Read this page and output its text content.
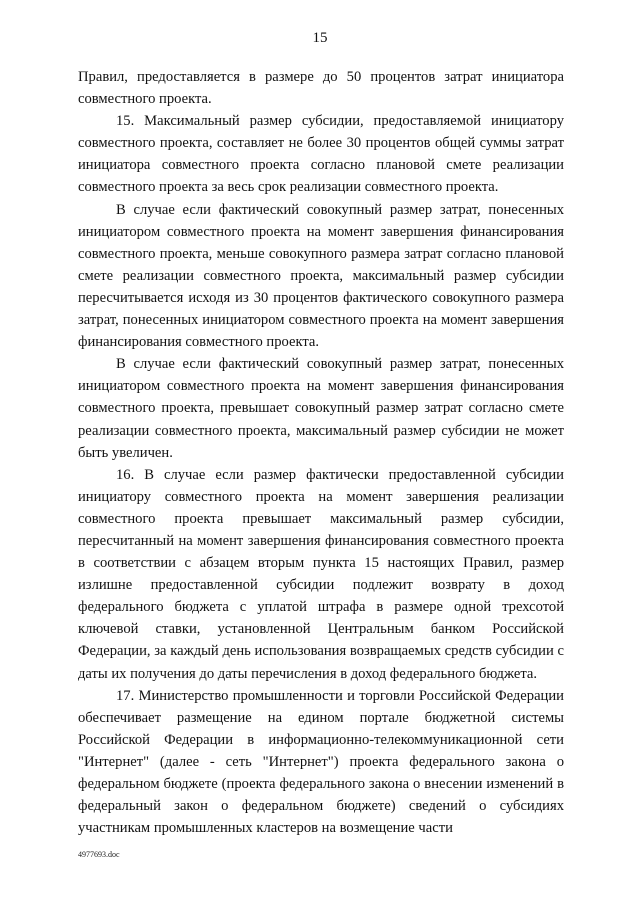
15

Правил, предоставляется в размере до 50 процентов затрат инициатора совместного проекта.

15. Максимальный размер субсидии, предоставляемой инициатору совместного проекта, составляет не более 30 процентов общей суммы затрат инициатора совместного проекта согласно плановой смете реализации совместного проекта за весь срок реализации совместного проекта.

В случае если фактический совокупный размер затрат, понесенных инициатором совместного проекта на момент завершения финансирования совместного проекта, меньше совокупного размера затрат согласно плановой смете реализации совместного проекта, максимальный размер субсидии пересчитывается исходя из 30 процентов фактического совокупного размера затрат, понесенных инициатором совместного проекта на момент завершения финансирования совместного проекта.

В случае если фактический совокупный размер затрат, понесенных инициатором совместного проекта на момент завершения финансирования совместного проекта, превышает совокупный размер затрат согласно смете реализации совместного проекта, максимальный размер субсидии не может быть увеличен.

16. В случае если размер фактически предоставленной субсидии инициатору совместного проекта на момент завершения реализации совместного проекта превышает максимальный размер субсидии, пересчитанный на момент завершения финансирования совместного проекта в соответствии с абзацем вторым пункта 15 настоящих Правил, размер излишне предоставленной субсидии подлежит возврату в доход федерального бюджета с уплатой штрафа в размере одной трехсотой ключевой ставки, установленной Центральным банком Российской Федерации, за каждый день использования возвращаемых средств субсидии с даты их получения до даты перечисления в доход федерального бюджета.

17. Министерство промышленности и торговли Российской Федерации обеспечивает размещение на едином портале бюджетной системы Российской Федерации в информационно-телекоммуникационной сети "Интернет" (далее - сеть "Интернет") проекта федерального закона о федеральном бюджете (проекта федерального закона о внесении изменений в федеральный закон о федеральном бюджете) сведений о субсидиях участникам промышленных кластеров на возмещение части

4977693.doc
